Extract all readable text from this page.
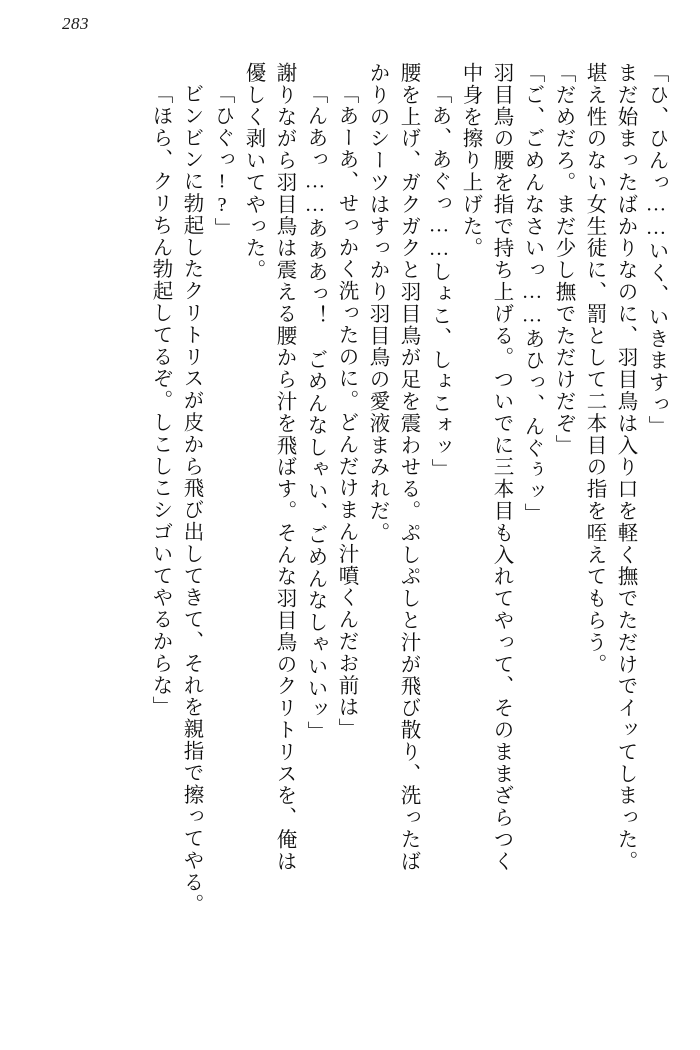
283
「ひ、ひんっ……いく、いきますっ」
まだ始まったばかりなのに、羽目鳥は入り口を軽く撫でただけでイッてしまった。
堪え性のない女生徒に、罰として二本目の指を咥えてもらう。
「だめだろ。まだ少し撫でただけだぞ」
「ご、ごめんなさいっ……あひっ、んぐぅッ」
羽目鳥の腰を指で持ち上げる。ついでに三本目も入れてやって、そのままざらつく
中身を擦り上げた。
「あ、あぐっ……しょこ、しょこォッ」
腰を上げ、ガクガクと羽目鳥が足を震わせる。ぷしぷしと汁が飛び散り、洗ったば
かりのシーツはすっかり羽目鳥の愛液まみれだ。
「あーあ、せっかく洗ったのに。どんだけまん汁噴くんだお前は」
「んあっ……あああっ！　ごめんなしゃい、ごめんなしゃいいッ」
謝りながら羽目鳥は震える腰から汁を飛ばす。そんな羽目鳥のクリトリスを、俺は
優しく剥いてやった。
「ひぐっ!?」
ビンビンに勃起したクリトリスが皮から飛び出してきて、それを親指で擦ってやる。
「ほら、クリちん勃起してるぞ。しこしこシゴいてやるからな」
